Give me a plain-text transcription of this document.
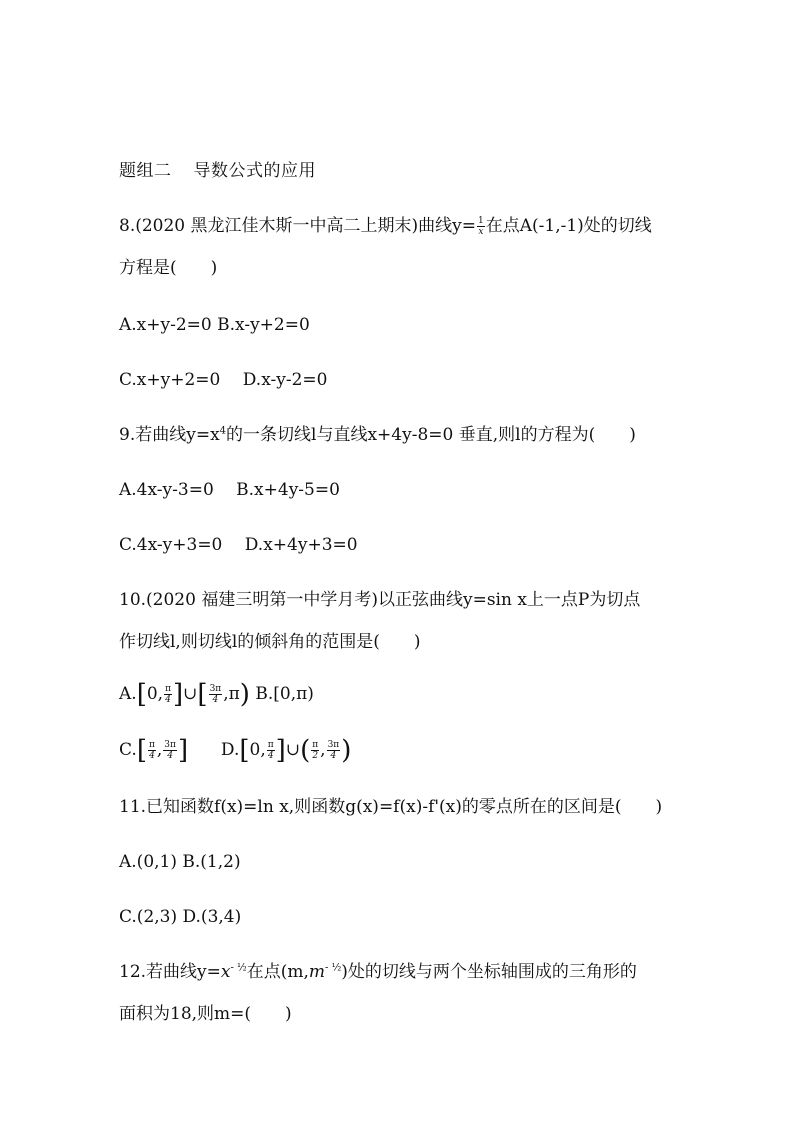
题组二 导数公式的应用
8.(2020 黑龙江佳木斯一中高二上期末)曲线$y= \frac{1}{x}$ 在点A(-1,-1)处的切线
方程是(　　)
A.x+y-2=0 B.x-y+2=0
C.x+y+2=0　 D.x-y-2=0
9.若曲线$y=x^4$的一条切线l与直线x+4y-8=0 垂直,则l的方程为(　　)
A.4x-y-3=0　 B.x+4y-5=0
C.4x-y+3=0　 D.x+4y+3=0
10.(2020 福建三明第一中学月考)以正弦曲线y=sin x上一点P为切点
作切线l,则切线l的倾斜角的范围是(　　)
A.[0, $\frac{\pi}{4}$ ]∪[ $\frac{3\pi}{4} ,\pi$) B.[0,π)
$C.[ \frac{\pi}{4}$ , $\frac{3\pi}{4}$ ] D.[0, $\frac{\pi}{4}$ ]∪( $\frac{\pi}{2}$ , $\frac{3\pi}{4}$ )
11.已知函数f(x)=ln x,则函数g(x)=f(x)-f'(x)的零点所在的区间是(　　)
A.(0,1) B.(1,2)
C.(2,3) D.(3,4)
12.若曲线$y=x^{- \frac{1}{2}}$在点$(m,m^{- \frac{1}{2}})$处的切线与两个坐标轴围成的三角形的
面积为18,则m=(　　)
